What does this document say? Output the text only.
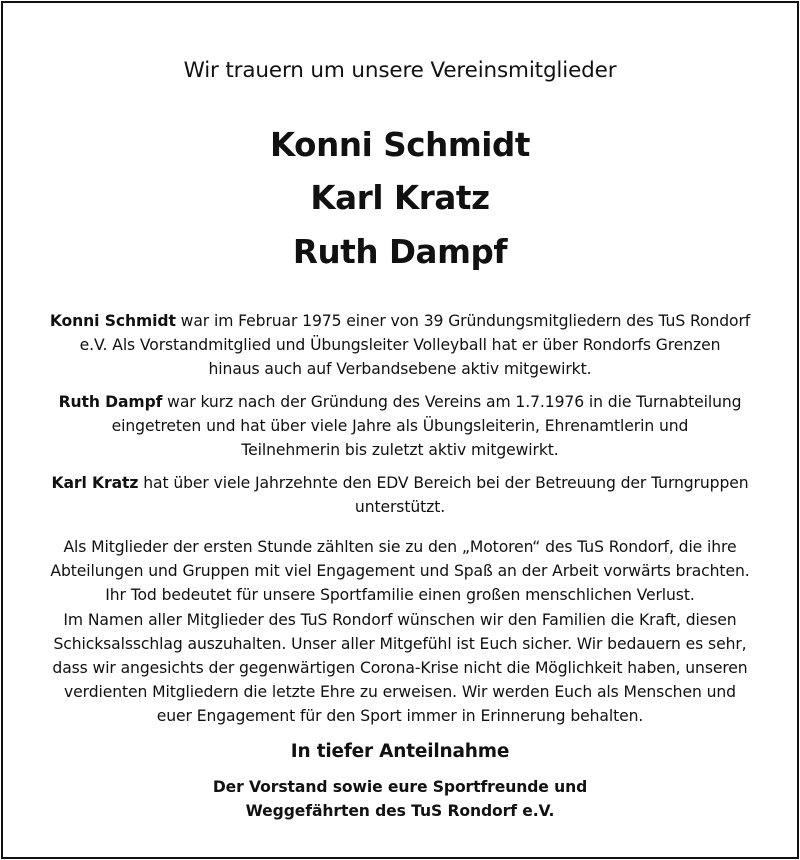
Wir trauern um unsere Vereinsmitglieder
Konni Schmidt
Karl Kratz
Ruth Dampf
Konni Schmidt war im Februar 1975 einer von 39 Gründungsmitgliedern des TuS Rondorf
e.V. Als Vorstandmitglied und Übungsleiter Volleyball hat er über Rondorfs Grenzen
hinaus auch auf Verbandsebene aktiv mitgewirkt.
Ruth Dampf war kurz nach der Gründung des Vereins am 1.7.1976 in die Turnabteilung
eingetreten und hat über viele Jahre als Übungsleiterin, Ehrenamtlerin und
Teilnehmerin bis zuletzt aktiv mitgewirkt.
Karl Kratz hat über viele Jahrzehnte den EDV Bereich bei der Betreuung der Turngruppen
unterstützt.
Als Mitglieder der ersten Stunde zählten sie zu den „Motoren“ des TuS Rondorf, die ihre
Abteilungen und Gruppen mit viel Engagement und Spaß an der Arbeit vorwärts brachten.
Ihr Tod bedeutet für unsere Sportfamilie einen großen menschlichen Verlust.
Im Namen aller Mitglieder des TuS Rondorf wünschen wir den Familien die Kraft, diesen
Schicksalsschlag auszuhalten. Unser aller Mitgefühl ist Euch sicher. Wir bedauern es sehr,
dass wir angesichts der gegenwärtigen Corona-Krise nicht die Möglichkeit haben, unseren
verdienten Mitgliedern die letzte Ehre zu erweisen. Wir werden Euch als Menschen und
euer Engagement für den Sport immer in Erinnerung behalten.
In tiefer Anteilnahme
Der Vorstand sowie eure Sportfreunde und
Weggefährten des TuS Rondorf e.V.
